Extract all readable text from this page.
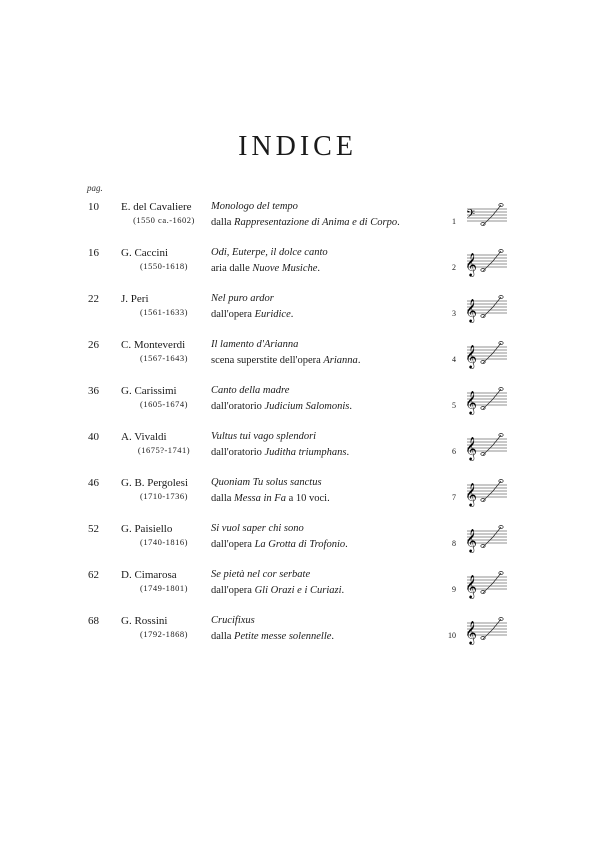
INDICE
pag.
10	E. del Cavaliere
(1550 ca.-1602)
Monologo del tempo
dalla Rappresentazione di Anima e di Corpo.	1 𝄢
16	G. Caccini
(1550-1618)
Odi, Euterpe, il dolce canto
aria dalle Nuove Musiche.	2 𝄞
22	J. Peri
(1561-1633)
Nel puro ardor
dall'opera Euridice.	3 𝄞
26	C. Monteverdi
(1567-1643)
Il lamento d'Arianna
scena superstite dell'opera Arianna.	4 𝄞
36	G. Carissimi
(1605-1674)
Canto della madre
dall'oratorio Judicium Salomonis.	5 𝄞
40	A. Vivaldi
(1675?-1741)
Vultus tui vago splendori
dall'oratorio Juditha triumphans.	6 𝄞
46	G. B. Pergolesi
(1710-1736)
Quoniam Tu solus sanctus
dalla Messa in Fa a 10 voci.	7 𝄞
52	G. Paisiello
(1740-1816)
Si vuol saper chi sono
dall'opera La Grotta di Trofonio.	8 𝄞
62	D. Cimarosa
(1749-1801)
Se pietà nel cor serbate
dall'opera Gli Orazi e i Curiazi.	9 𝄞
68	G. Rossini
(1792-1868)
Crucifixus
dalla Petite messe solennelle.	10 𝄞
